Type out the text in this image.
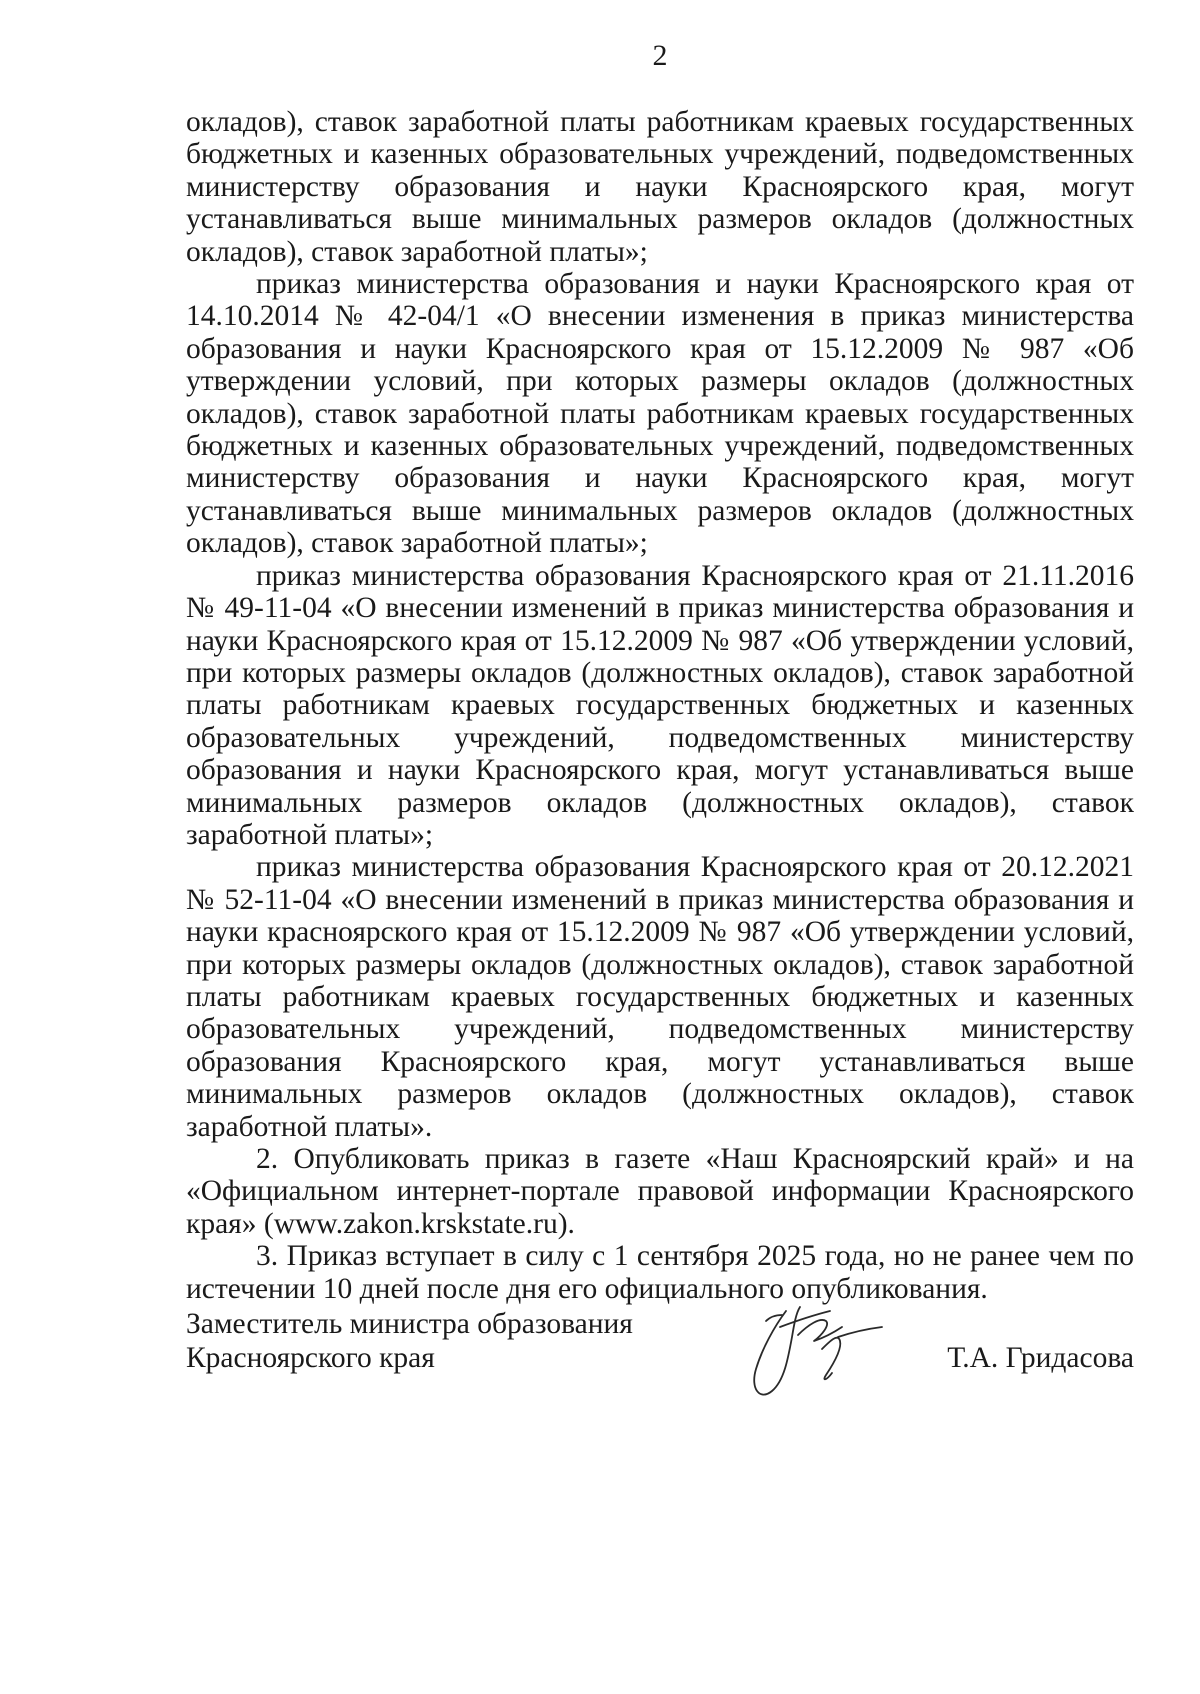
2

окладов), ставок заработной платы работникам краевых государственных бюджетных и казенных образовательных учреждений, подведомственных министерству образования и науки Красноярского края, могут устанавливаться выше минимальных размеров окладов (должностных окладов), ставок заработной платы»;

приказ министерства образования и науки Красноярского края от 14.10.2014 № 42-04/1 «О внесении изменения в приказ министерства образования и науки Красноярского края от 15.12.2009 № 987 «Об утверждении условий, при которых размеры окладов (должностных окладов), ставок заработной платы работникам краевых государственных бюджетных и казенных образовательных учреждений, подведомственных министерству образования и науки Красноярского края, могут устанавливаться выше минимальных размеров окладов (должностных окладов), ставок заработной платы»;

приказ министерства образования Красноярского края от 21.11.2016 № 49-11-04 «О внесении изменений в приказ министерства образования и науки Красноярского края от 15.12.2009 № 987 «Об утверждении условий, при которых размеры окладов (должностных окладов), ставок заработной платы работникам краевых государственных бюджетных и казенных образовательных учреждений, подведомственных министерству образования и науки Красноярского края, могут устанавливаться выше минимальных размеров окладов (должностных окладов), ставок заработной платы»;

приказ министерства образования Красноярского края от 20.12.2021 № 52-11-04 «О внесении изменений в приказ министерства образования и науки красноярского края от 15.12.2009 № 987 «Об утверждении условий, при которых размеры окладов (должностных окладов), ставок заработной платы работникам краевых государственных бюджетных и казенных образовательных учреждений, подведомственных министерству образования Красноярского края, могут устанавливаться выше минимальных размеров окладов (должностных окладов), ставок заработной платы».

2. Опубликовать приказ в газете «Наш Красноярский край» и на «Официальном интернет-портале правовой информации Красноярского края» (www.zakon.krskstate.ru).

3. Приказ вступает в силу с 1 сентября 2025 года, но не ранее чем по истечении 10 дней после дня его официального опубликования.

Заместитель министра образования
Красноярского края	Т.А. Гридасова
